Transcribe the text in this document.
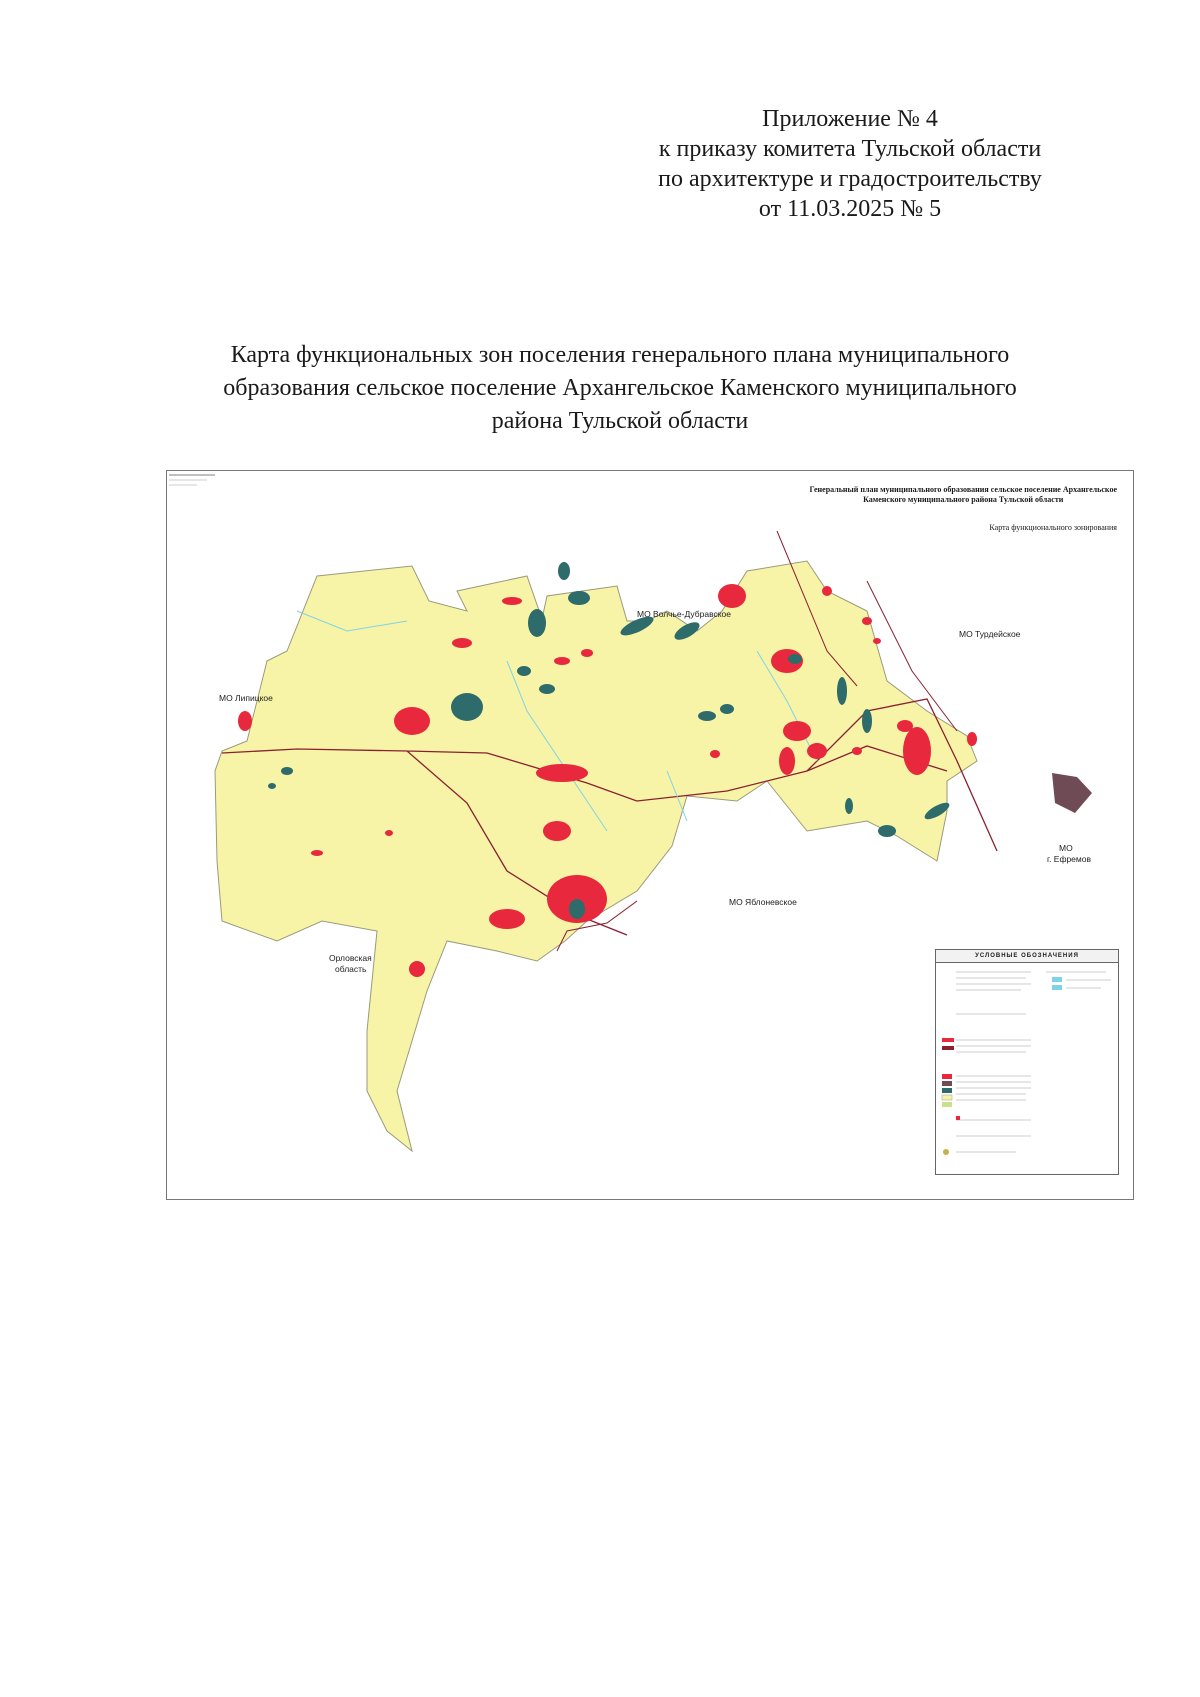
Приложение № 4
к приказу комитета Тульской области
по архитектуре и градостроительству
от 11.03.2025 № 5
Карта функциональных зон поселения генерального плана муниципального
образования сельское поселение Архангельское Каменского муниципального
района Тульской области
Генеральный план муниципального образования сельское поселение Архангельское
Каменского муниципального района Тульской области
Карта функционального зонирования
МО Волчье-Дубравское
МО Турдейское
МО Липицкое
МО
г. Ефремов
МО Яблоневское
Орловская
область
УСЛОВНЫЕ ОБОЗНАЧЕНИЯ
